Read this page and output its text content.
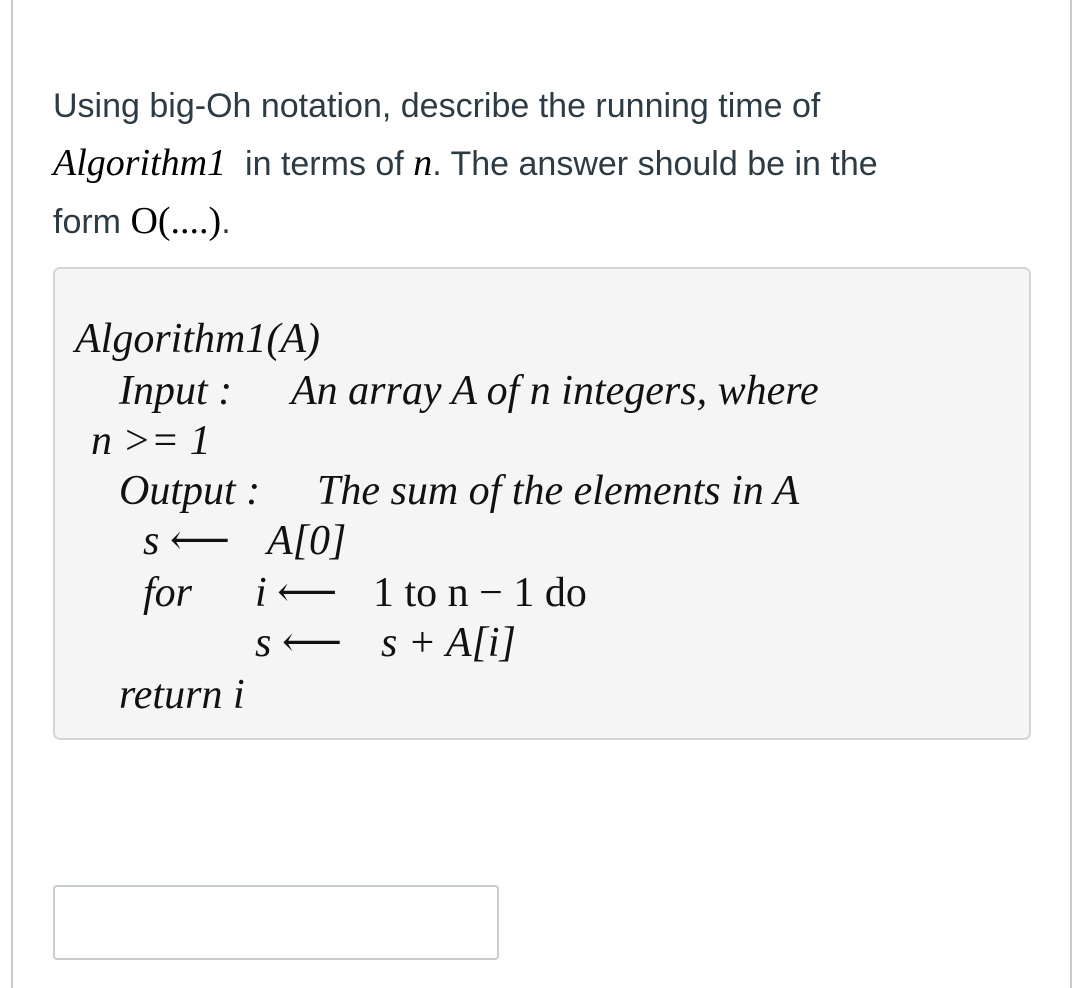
Using big-Oh notation, describe the running time of
Algorithm1 in terms of n. The answer should be in the
form O(....).
Algorithm1(A)
Input : An array A of n integers, where
n >= 1
Output : The sum of the elements in A
s ⟵ A[0]
for i ⟵ 1 to n − 1 do
s ⟵ s + A[i]
return i
